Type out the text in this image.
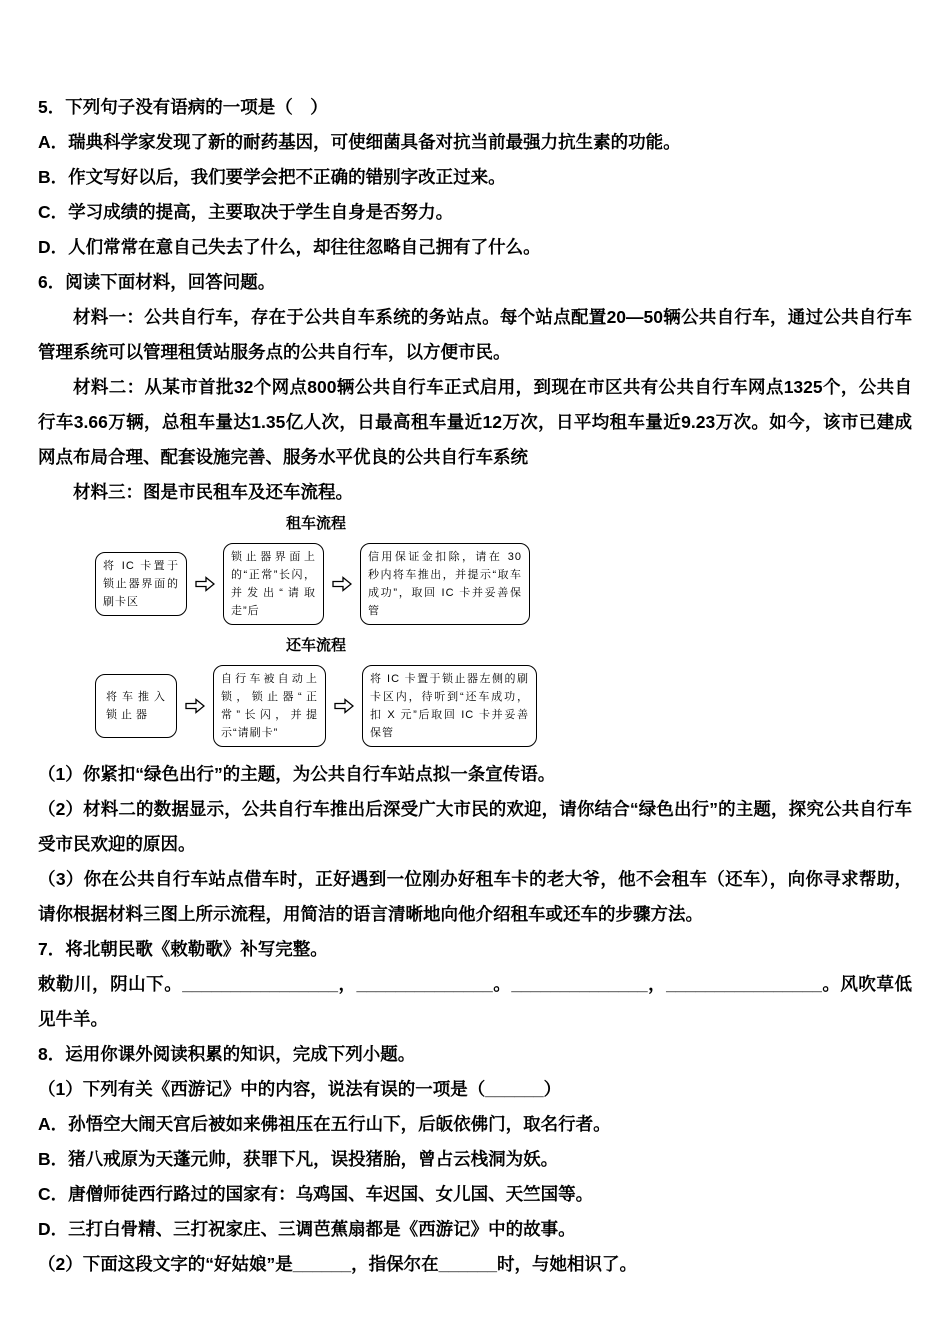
5．下列句子没有语病的一项是（　）

A．瑞典科学家发现了新的耐药基因，可使细菌具备对抗当前最强力抗生素的功能。

B．作文写好以后，我们要学会把不正确的错别字改正过来。

C．学习成绩的提高，主要取决于学生自身是否努力。

D．人们常常在意自己失去了什么，却往往忽略自己拥有了什么。

6．阅读下面材料，回答问题。

材料一：公共自行车，存在于公共自车系统的务站点。每个站点配置20—50辆公共自行车，通过公共自行车管理系统可以管理租赁站服务点的公共自行车，以方便市民。

材料二：从某市首批32个网点800辆公共自行车正式启用，到现在市区共有公共自行车网点1325个，公共自行车3.66万辆，总租车量达1.35亿人次，日最高租车量近12万次，日平均租车量近9.23万次。如今，该市已建成网点布局合理、配套设施完善、服务水平优良的公共自行车系统

材料三：图是市民租车及还车流程。

租车流程
将 IC 卡置于锁止器界面的刷卡区
锁止器界面上的“正常”长闪，并发出“请取走”后
信用保证金扣除，请在 30 秒内将车推出，并提示“取车成功”，取回 IC 卡并妥善保管
还车流程
将车推入锁止器
自行车被自动上锁，锁止器“正常”长闪，并提示“请刷卡”
将 IC 卡置于锁止器左侧的刷卡区内，待听到“还车成功，扣 X 元”后取回 IC 卡并妥善保管

（1）你紧扣“绿色出行”的主题，为公共自行车站点拟一条宣传语。

（2）材料二的数据显示，公共自行车推出后深受广大市民的欢迎，请你结合“绿色出行”的主题，探究公共自行车受市民欢迎的原因。

（3）你在公共自行车站点借车时，正好遇到一位刚办好租车卡的老大爷，他不会租车（还车），向你寻求帮助，请你根据材料三图上所示流程，用简洁的语言清晰地向他介绍租车或还车的步骤方法。

7．将北朝民歌《敕勒歌》补写完整。

敕勒川，阴山下。________________，______________。______________，________________。风吹草低见牛羊。

8．运用你课外阅读积累的知识，完成下列小题。

（1）下列有关《西游记》中的内容，说法有误的一项是（______）

A．孙悟空大闹天宫后被如来佛祖压在五行山下，后皈依佛门，取名行者。

B．猪八戒原为天蓬元帅，获罪下凡，误投猪胎，曾占云栈洞为妖。

C．唐僧师徒西行路过的国家有：乌鸡国、车迟国、女儿国、天竺国等。

D．三打白骨精、三打祝家庄、三调芭蕉扇都是《西游记》中的故事。

（2）下面这段文字的“好姑娘”是______，指保尔在______时，与她相识了。
